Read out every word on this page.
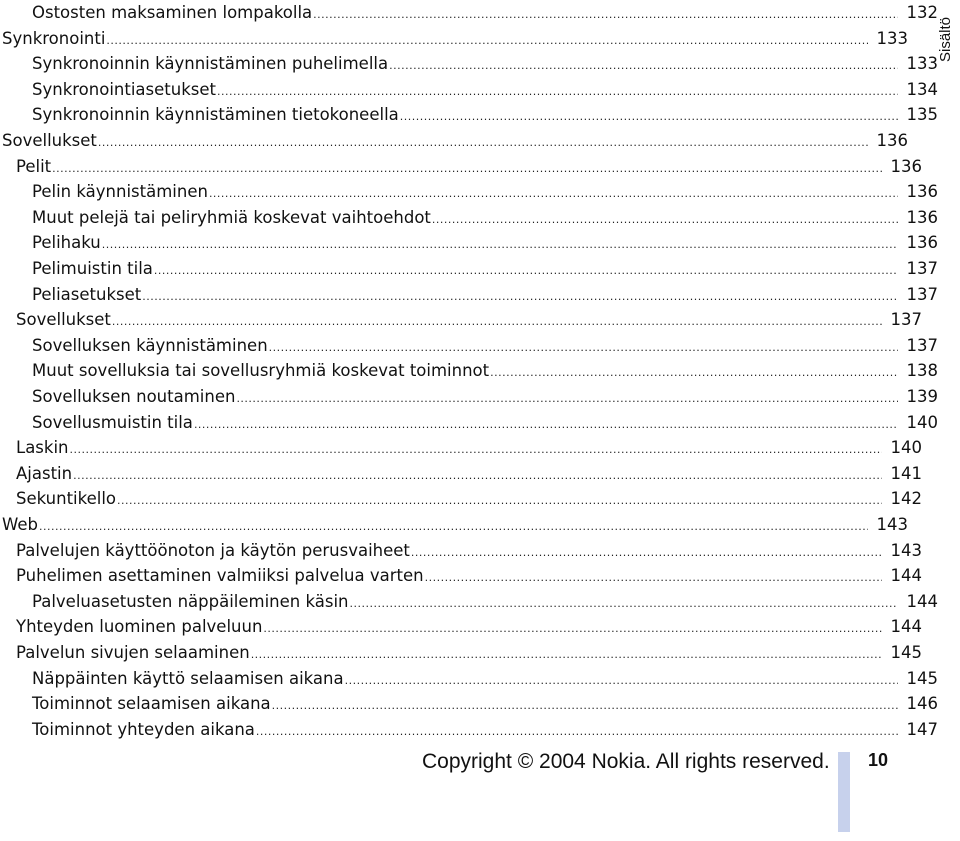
Ostosten maksaminen lompakolla .....	132
Synkronointi .....	133
Synkronoinnin käynnistäminen puhelimella .....	133
Synkronointiasetukset .....	134
Synkronoinnin käynnistäminen tietokoneella .....	135
Sovellukset .....	136
Pelit .....	136
Pelin käynnistäminen .....	136
Muut pelejä tai peliryhmiä koskevat vaihtoehdot .....	136
Pelihaku .....	136
Pelimuistin tila .....	137
Peliasetukset .....	137
Sovellukset .....	137
Sovelluksen käynnistäminen .....	137
Muut sovelluksia tai sovellusryhmiä koskevat toiminnot .....	138
Sovelluksen noutaminen .....	139
Sovellusmuistin tila .....	140
Laskin .....	140
Ajastin .....	141
Sekuntikello .....	142
Web .....	143
Palvelujen käyttöönoton ja käytön perusvaiheet .....	143
Puhelimen asettaminen valmiiksi palvelua varten .....	144
Palveluasetusten näppäileminen käsin .....	144
Yhteyden luominen palveluun .....	144
Palvelun sivujen selaaminen .....	145
Näppäinten käyttö selaamisen aikana .....	145
Toiminnot selaamisen aikana .....	146
Toiminnot yhteyden aikana .....	147
Sisältö
Copyright © 2004 Nokia. All rights reserved. 10
